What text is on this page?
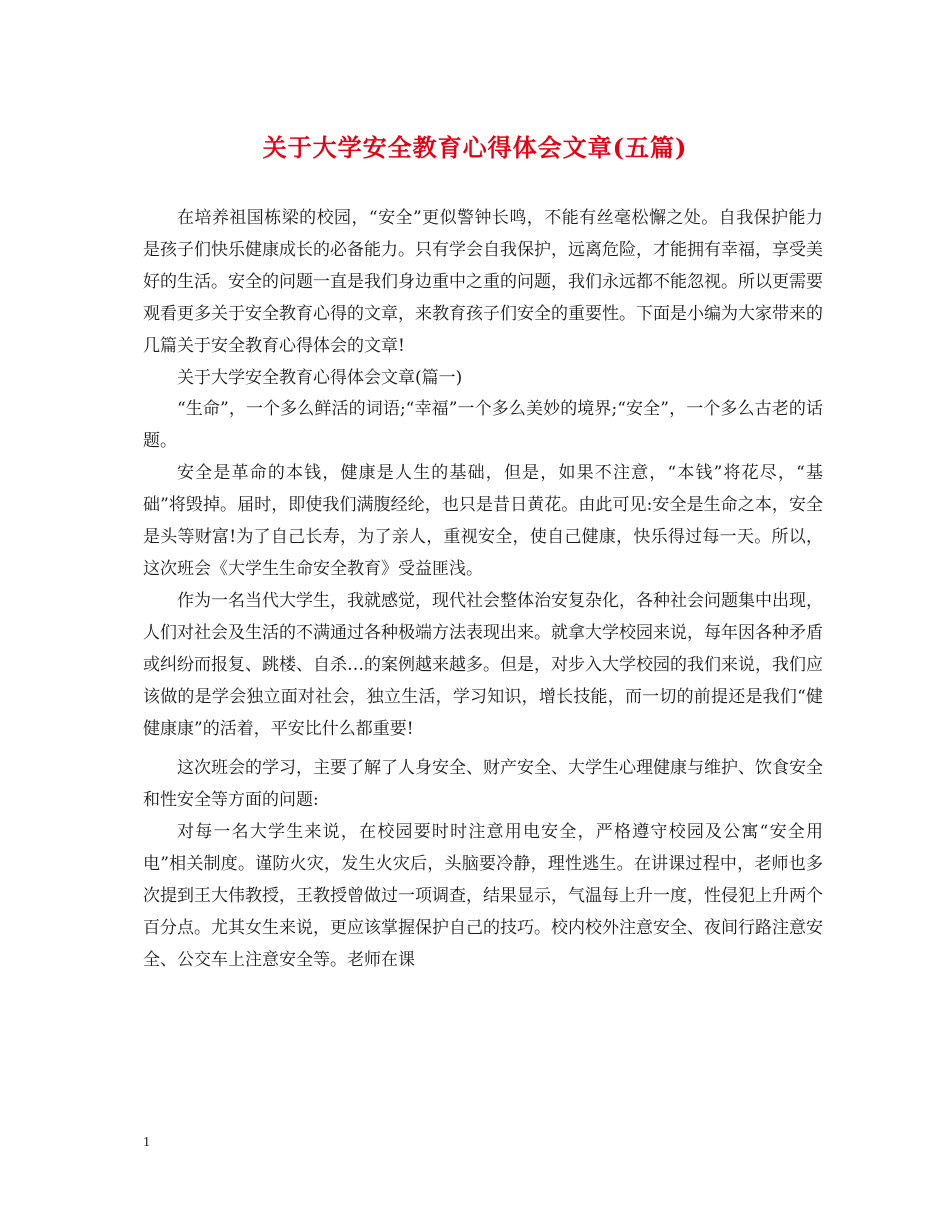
关于大学安全教育心得体会文章(五篇)

在培养祖国栋梁的校园，“安全”更似警钟长鸣，不能有丝毫松懈之处。自我保护能力是孩子们快乐健康成长的必备能力。只有学会自我保护，远离危险，才能拥有幸福，享受美好的生活。安全的问题一直是我们身边重中之重的问题，我们永远都不能忽视。所以更需要观看更多关于安全教育心得的文章，来教育孩子们安全的重要性。下面是小编为大家带来的几篇关于安全教育心得体会的文章!

关于大学安全教育心得体会文章(篇一)

“生命”，一个多么鲜活的词语;“幸福”一个多么美妙的境界;“安全”，一个多么古老的话题。

安全是革命的本钱，健康是人生的基础，但是，如果不注意，“本钱”将花尽，“基础”将毁掉。届时，即使我们满腹经纶，也只是昔日黄花。由此可见:安全是生命之本，安全是头等财富!为了自己长寿，为了亲人，重视安全，使自己健康，快乐得过每一天。所以，这次班会《大学生生命安全教育》受益匪浅。

作为一名当代大学生，我就感觉，现代社会整体治安复杂化，各种社会问题集中出现，人们对社会及生活的不满通过各种极端方法表现出来。就拿大学校园来说，每年因各种矛盾或纠纷而报复、跳楼、自杀…的案例越来越多。但是，对步入大学校园的我们来说，我们应该做的是学会独立面对社会，独立生活，学习知识，增长技能，而一切的前提还是我们“健健康康”的活着，平安比什么都重要!

这次班会的学习，主要了解了人身安全、财产安全、大学生心理健康与维护、饮食安全和性安全等方面的问题:

对每一名大学生来说，在校园要时时注意用电安全，严格遵守校园及公寓“安全用电”相关制度。谨防火灾，发生火灾后，头脑要冷静，理性逃生。在讲课过程中，老师也多次提到王大伟教授，王教授曾做过一项调查，结果显示，气温每上升一度，性侵犯上升两个百分点。尤其女生来说，更应该掌握保护自己的技巧。校内校外注意安全、夜间行路注意安全、公交车上注意安全等。老师在课

1
